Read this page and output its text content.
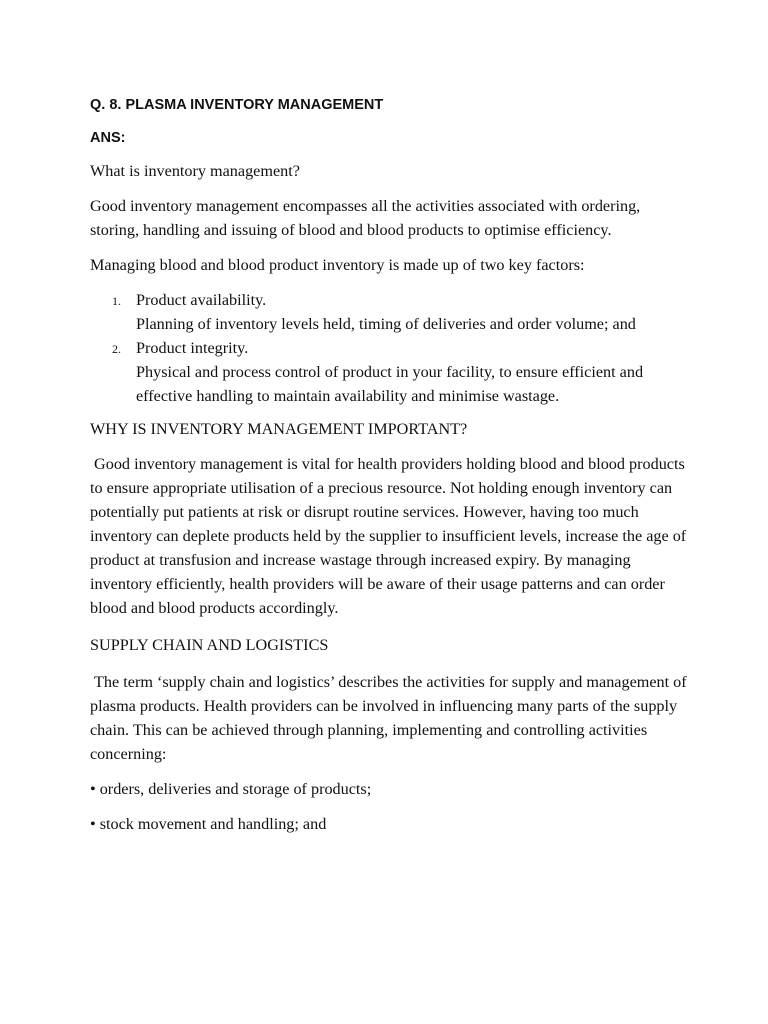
Q. 8. PLASMA INVENTORY MANAGEMENT
ANS:

What is inventory management?

Good inventory management encompasses all the activities associated with ordering, storing, handling and issuing of blood and blood products to optimise efficiency.

Managing blood and blood product inventory is made up of two key factors:

1. Product availability.
Planning of inventory levels held, timing of deliveries and order volume; and
2. Product integrity.
Physical and process control of product in your facility, to ensure efficient and effective handling to maintain availability and minimise wastage.

WHY IS INVENTORY MANAGEMENT IMPORTANT?

Good inventory management is vital for health providers holding blood and blood products to ensure appropriate utilisation of a precious resource. Not holding enough inventory can potentially put patients at risk or disrupt routine services. However, having too much inventory can deplete products held by the supplier to insufficient levels, increase the age of product at transfusion and increase wastage through increased expiry. By managing inventory efficiently, health providers will be aware of their usage patterns and can order blood and blood products accordingly.

SUPPLY CHAIN AND LOGISTICS

The term ‘supply chain and logistics’ describes the activities for supply and management of plasma products. Health providers can be involved in influencing many parts of the supply chain. This can be achieved through planning, implementing and controlling activities concerning:

• orders, deliveries and storage of products;

• stock movement and handling; and
